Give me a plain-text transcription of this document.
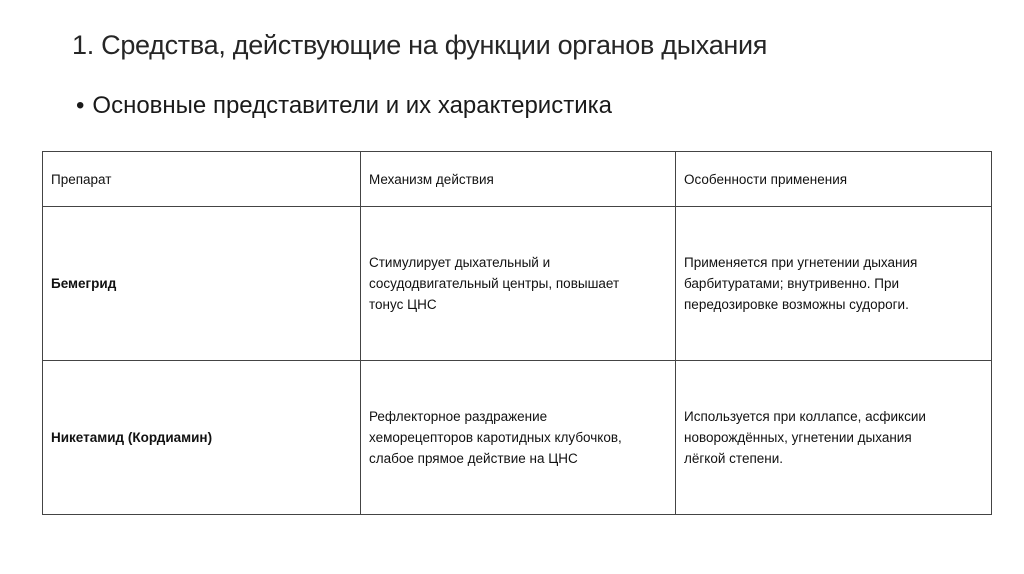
1. Средства, действующие на функции органов дыхания
• Основные представители и их характеристика
Препарат	Механизм действия	Особенности применения
Бемегрид	Стимулирует дыхательный и
сосудодвигательный центры, повышает
тонус ЦНС	Применяется при угнетении дыхания
барбитуратами; внутривенно. При
передозировке возможны судороги.

Никетамид (Кордиамин)	Рефлекторное раздражение
хеморецепторов каротидных клубочков,
слабое прямое действие на ЦНС	Используется при коллапсе, асфиксии
новорождённых, угнетении дыхания
лёгкой степени.
